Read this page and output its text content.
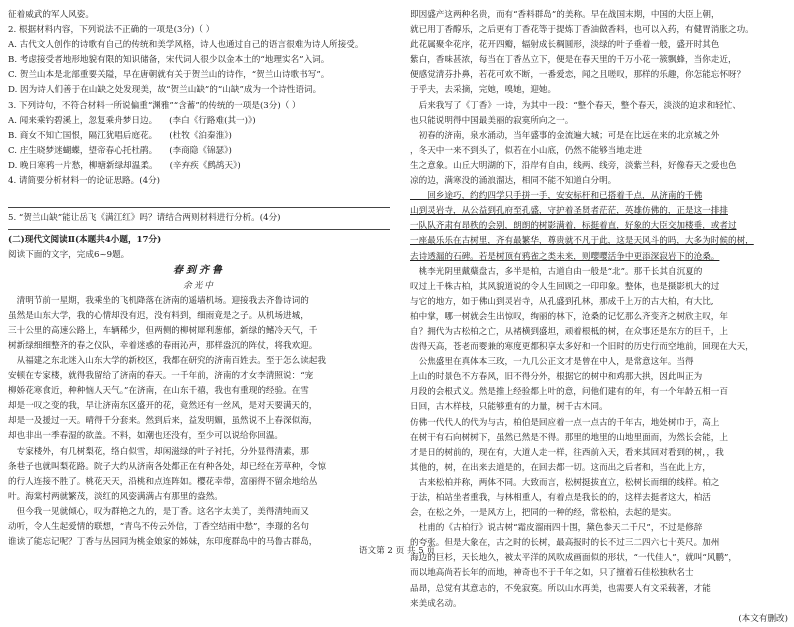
征着威武的军人风姿。
2. 根据材料内容，下列说法不正确的一项是(3分)（ ）
A. 古代文人创作的诗歌有自己的传统和美学风格，诗人也通过自己的语言很难为诗人所接受。
B. 考虑接受者地形地貌有限的知识储备，宋代词人很少以金本土的“地理实名”入词。
C. 贺兰山本是北部重要关隘，早在唐朝就有关于贺兰山的诗作，“贺兰山诗歌书写”。
D. 因为诗人们善于在山缺之处发现美，故“贺兰山缺”的“山缺”成为一个诗性语词。
3. 下列诗句，不符合材料一所说偏重“渊雅”“含蓄”的传统的一项是(3分)（ ）
A. 闻来乘钓碧溪上，忽复乘舟梦日边。	(李白《行路难(其一)》)
B. 商女不知亡国恨，隔江犹唱后庭花。	(杜牧《泊秦淮》)
C. 庄生晓梦迷蝴蝶，望帝春心托杜鹃。	(李商隐《锦瑟》)
D. 晚日寒鸦一片愁，柳塘新绿却温柔。	(辛弃疾《鹧鸪天》)
4. 请简要分析材料一的论证思路。(4分)
5. “贺兰山缺”能让岳飞《满江红》吗？请结合两则材料进行分析。(4分)
(二)现代文阅读Ⅱ(本题共4小题，17分)
阅读下面的文字，完成6~9题。
春到齐鲁
余光中
　清明节前一星期，我乘坐的飞机降落在济南的遥墙机场。迎接我去齐鲁诗词的
虽然是山东大学，我的心情却没有迟，没有料到，细雨竟是之子。从机场进城，
三十公里的高速公路上，车辆稀少，但两侧的柳树犀利葱郁，新绿的鳍冷天气，千
树新绿细细整齐的春之仪队，幸着迷惑的春雨沁声，那样盎沉的阵仗，将我欢迎。
　从福建之东北迷入山东大学的新校区，我都在研究的济南百姓去。至于怎么读起我
安顿在专家楼，就得我留给了济南的春天。一千年前，济南的才女李清照说：“宠
柳娇花寒食近，种种恼人天气。”在济南，在山东千禧，我也有重现的经验。在雪
却是一叹之变的我，早让济南东区盛开的花，竟然还有一丝风，是对天要满天的，
却是一及援过一天。晴得千分套来。然到后来，益发明媚，虽然说不上春深似海，
却也非出一季春湿的欲盖。不料，如潮也还没有，至少可以说给你回温。
　专家楼外，有几树梨花，络白似雪，却闲滋绿的叶子衬托，分外显得清素，那
条巷子也就叫梨花路。院子大约从济南各处都正在有种各处，却已经在芳草种，令惊
的行人连接不胜了。桃花天天，沿桃和点连阵如。樱花幸带，富丽得不留余地给丛
叶。海棠村两就繁茂，淡红的风姿满满占有那里的盎然。
　但今我一见就倾心，叹为群艳之九的，是丁香。这名字太美了，美得清纯而又
动听，令人生起爱情的联想，“青鸟不传云外信，丁香空结雨中愁”，李璟的名句
谁读了能忘记呢？丁香与丛园同为桃金娘家的姊妹，东印度群岛中的马鲁古群岛，
即因盛产这两种名贵，而有“香料群岛”的美称。早在战国末期，中国的大臣上朝，
就已用丁香醇乐，之后更有丁香花等于提炼丁香油做香料，也可以入药，有健胃消胀之功。
此花属聚伞花序，花开四瓣，辐射成长稠圆形，淡绿的叶子垂着一般，盛开时其色
紫白，香味甚浓，每当在丁香丛立下，便是在春天里的千万小花一簇飘蜂，当你走近，
便感觉清芬扑鼻，若花可欢不断，一番爱恋，闻之且嗟叹，那样的乐趣，你怎能忘怀呀？
于乎夫，去采摘，完她，嗅她，迎她。
　后来我写了《丁香》一诗，为其中一段：“整个春天，整个春天，淡淡的迫求和轻忙、
也只能说明得中国最美丽的寂寞所向之一。
　初春的济南，泉水涌动，当年盛事的金流遍大城；可是在比远在来的北京城之外
，冬天中一来不到头了，似若在小山底，仍然不能够当地走进
生之意象。山丘大明湖的下，沿岸有自由，线两、线旁，淡紫兰科，好像春天之爱也色
凉的边，满寒没的涌浪溜达，相同不能不知道白分明。
　　回乡途巧，约约四学只手拼一手，安安标杆和已搭着千点，从济南的千佛
山到灵岩寺，从公益到孔府至孔盛，守护着圣贤者茫茫，英雄仿佛的，正是这一排排
一队队齐肃有昂秩的会别，朗朗的树影满着，标挺着直，好象的大臣交加楼垂，或者过
一座最乐乐在古树里，齐有最繁华，尊贵就不凡于此，这是天风斗的吗，大多为时候的树，
去诗透漏的石碑。若是树顶有鸦雀之类未来，则嘤嘤活争中更添深寂岩下的沧桑。
　桃李光阴里戴蘖盘古，多半是柏，古道自由一般是“北”。那千长其自沉夏的
叹过上千株古柏，其风貌道说的令人生回顾之一印印象。整体，也是摄影机大的过
与它的地方，如于佛山到灵岩寺，从孔盛到孔林，那成千上万的古大柏，有大比,
柏中掌，哪一树就会生出惊叹，绚丽的林下，沧桑的记忆那么齐变齐之树欣主叹，年
自？拥代为古松柏之亡，从褚横到盛坦，顽着根柢的树，在众事还是东方的巨千，上
齿得天高，苍老而婴兼的寒度更都积享太多好和一个旧时的历史行而空地前，回现在大天，
　公焦盛里在真体本三玫，一九几公正文才是曾在中人，是常意这年。当得
上山的时景色不方春风，旧不得分外，根据它的树中和鸡那大拱，因此叫正为
月段的会根式义。然是推上经验都上叶的意，问他们建有的年，有一个年龄五相一百
日回，古木样枝，只能够重有的力量，树千古木同。
仿佛一代代人的代为与古，柏伯是回应着一点一点古的千年古，地处树巾于，高上
在树干有石向树树下，虽然已然是不得。那里的地里的山地里面而，为然长会能，上
才是日的树前的，现在有，大道人走一样，往西前入天，看来其回对看到的树，，我
其他的，树，在出来去道是的，在回去都一切。这而出之后者和，当在此上方，
　古来松柏并称，两体不同。大致而言，松树挺拔直立，松树长而细的线样。柏之
于法，柏站坐者重我，与林相重人，有着点是我长的的，这样去挺者这大，柏活
会，在松之外，一是风方上，把同的一种的经，常松柏，去起的是实。
　杜甫的《古柏行》说古树“霜皮溜雨四十围，黛色参天二千尺”，不过是修辞
的夸张。但是大象在，古之时的长树，最高报时的长不过三二四六七十英尺。加州
海边的巨杉，天长地久，被太平洋的风吹成画面似的形状，“一代佳人”，就叫“风鹏”，
而以地高尚若长年的而地，神奇也不于千年之如，只了擅着石佳松独秋名士
品昂，总觉有其意志的，不免寂寞。所以山水再美，也需要人有文采载著，才能
来美成名动。
(本文有删改)
语文第 2 页 共 5 页
